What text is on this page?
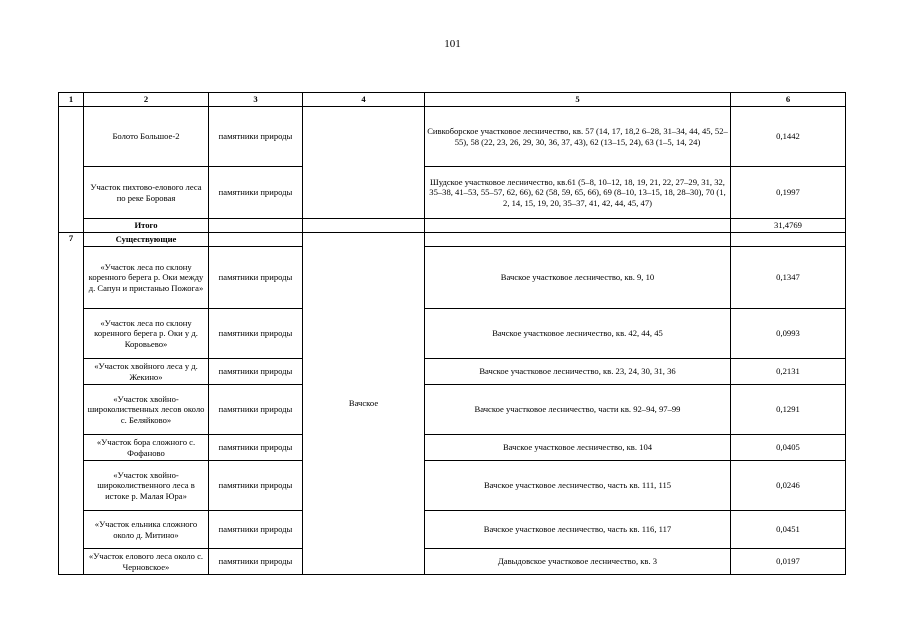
101
1	2	3	4	5	6
	Болото Большое-2	памятники природы		Сивкоборское участковое лесничество, кв. 57 (14, 17, 18,2 6–28, 31–34, 44, 45, 52–55), 58 (22, 23, 26, 29, 30, 36, 37, 43), 62 (13–15, 24), 63 (1–5, 14, 24)	0,1442
	Участок пихтово-елового леса по реке Боровая	памятники природы		Шудское участковое лесничество, кв.61 (5–8, 10–12, 18, 19, 21, 22, 27–29, 31, 32, 35–38, 41–53, 55–57, 62, 66), 62 (58, 59, 65, 66), 69 (8–10, 13–15, 18, 28–30), 70 (1, 2, 14, 15, 19, 20, 35–37, 41, 42, 44, 45, 47)	0,1997
	Итого				31,4769
7	Существующие		Вачское		
	«Участок леса по склону коренного берега р. Оки между д. Сапун и пристанью Пожога»	памятники природы		Вачское участковое лесничество, кв. 9, 10	0,1347
	«Участок леса по склону коренного берега р. Оки у д. Коровьево»	памятники природы		Вачское участковое лесничество, кв. 42, 44, 45	0,0993
	«Участок хвойного леса у д. Жекино»	памятники природы		Вачское участковое лесничество, кв. 23, 24, 30, 31, 36	0,2131
	«Участок хвойно-широколиственных лесов около с. Беляйково»	памятники природы		Вачское участковое лесничество, части кв. 92–94, 97–99	0,1291
	«Участок бора сложного с. Фофаново	памятники природы		Вачское участковое лесничество, кв. 104	0,0405
	«Участок хвойно-широколиственного леса в истоке р. Малая Юра»	памятники природы		Вачское участковое лесничество, часть кв. 111, 115	0,0246
	«Участок ельника сложного около д. Митино»	памятники природы		Вачское участковое лесничество, часть кв. 116, 117	0,0451
	«Участок елового леса около с. Черновское»	памятники природы		Давыдовское участковое лесничество, кв. 3	0,0197
